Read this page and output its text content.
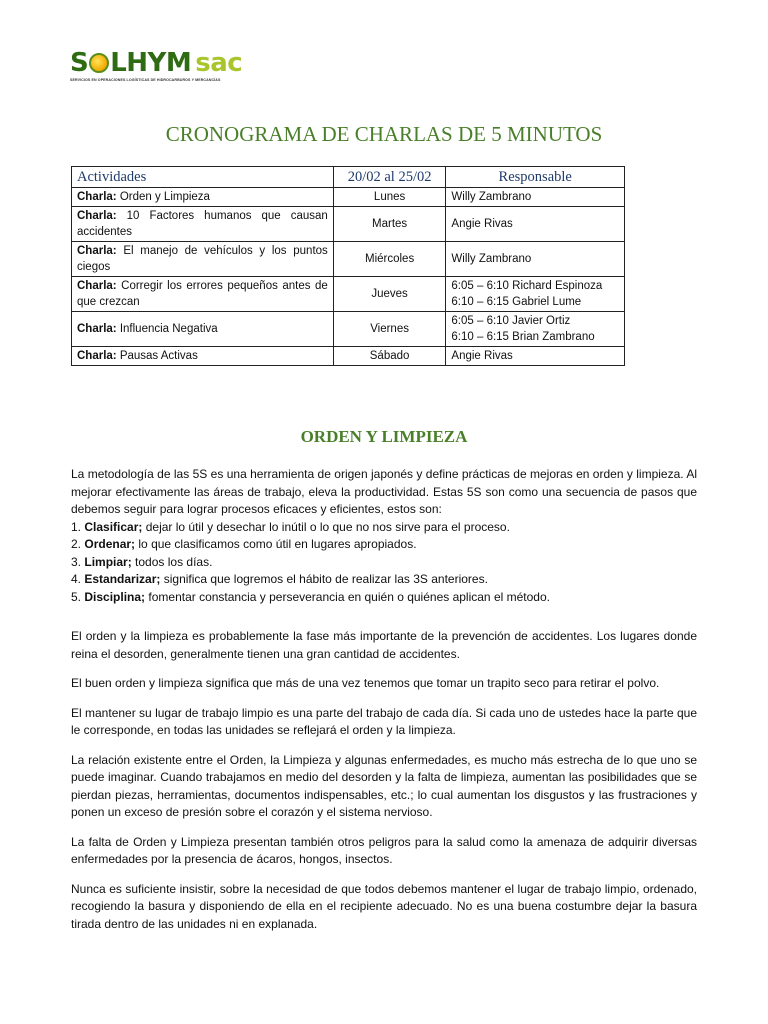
S LHYM sac
SERVICIOS EN OPERACIONES LOGÍSTICAS DE HIDROCARBUROS Y MERCANCÍAS
CRONOGRAMA DE CHARLAS DE 5 MINUTOS
Actividades	20/02 al 25/02	Responsable
Charla: Orden y Limpieza	Lunes	Willy Zambrano

Charla: 10 Factores humanos que causan accidentes	Martes	Angie Rivas

Charla: El manejo de vehículos y los puntos ciegos	Miércoles	Willy Zambrano

Charla: Corregir los errores pequeños antes de que crezcan	Jueves	6:05 – 6:10 Richard Espinoza
6:10 – 6:15 Gabriel Lume

Charla: Influencia Negativa	Viernes	6:05 – 6:10 Javier Ortiz
6:10 – 6:15 Brian Zambrano

Charla: Pausas Activas	Sábado	Angie Rivas
ORDEN Y LIMPIEZA

La metodología de las 5S es una herramienta de origen japonés y define prácticas de mejoras en orden y limpieza. Al mejorar efectivamente las áreas de trabajo, eleva la productividad. Estas 5S son como una secuencia de pasos que debemos seguir para lograr procesos eficaces y eficientes, estos son:

1. Clasificar; dejar lo útil y desechar lo inútil o lo que no nos sirve para el proceso.
2. Ordenar; lo que clasificamos como útil en lugares apropiados.
3. Limpiar; todos los días.
4. Estandarizar; significa que logremos el hábito de realizar las 3S anteriores.
5. Disciplina; fomentar constancia y perseverancia en quién o quiénes aplican el método.

El orden y la limpieza es probablemente la fase más importante de la prevención de accidentes. Los lugares donde reina el desorden, generalmente tienen una gran cantidad de accidentes.

El buen orden y limpieza significa que más de una vez tenemos que tomar un trapito seco para retirar el polvo.

El mantener su lugar de trabajo limpio es una parte del trabajo de cada día. Si cada uno de ustedes hace la parte que le corresponde, en todas las unidades se reflejará el orden y la limpieza.

La relación existente entre el Orden, la Limpieza y algunas enfermedades, es mucho más estrecha de lo que uno se puede imaginar. Cuando trabajamos en medio del desorden y la falta de limpieza, aumentan las posibilidades que se pierdan piezas, herramientas, documentos indispensables, etc.; lo cual aumentan los disgustos y las frustraciones y ponen un exceso de presión sobre el corazón y el sistema nervioso.

La falta de Orden y Limpieza presentan también otros peligros para la salud como la amenaza de adquirir diversas enfermedades por la presencia de ácaros, hongos, insectos.

Nunca es suficiente insistir, sobre la necesidad de que todos debemos mantener el lugar de trabajo limpio, ordenado, recogiendo la basura y disponiendo de ella en el recipiente adecuado. No es una buena costumbre dejar la basura tirada dentro de las unidades ni en explanada.
